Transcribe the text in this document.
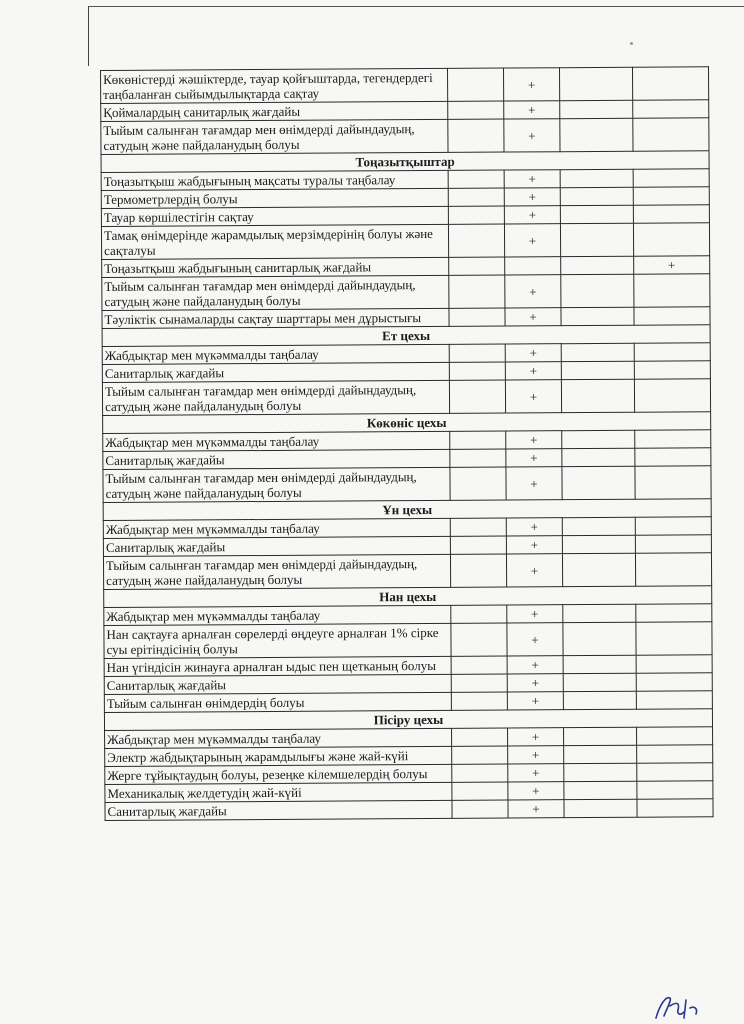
Көкөністерді жәшіктерде, тауар қойғыштарда, тегендердегі таңбаланған сыйымдылықтарда сақтау		+		
Қоймалардың санитарлық жағдайы		+		
Тыйым салынған тағамдар мен өнімдерді дайындаудың, сатудың және пайдаланудың болуы		+		
Тоңазытқыштар				
Тоңазытқыш жабдығының мақсаты туралы таңбалау		+		
Термометрлердің болуы		+		
Тауар көршілестігін сақтау		+		
Тамақ өнімдерінде жарамдылық мерзімдерінің болуы және сақталуы		+		
Тоңазытқыш жабдығының санитарлық жағдайы				+
Тыйым салынған тағамдар мен өнімдерді дайындаудың, сатудың және пайдаланудың болуы		+		
Тәуліктік сынамаларды сақтау шарттары мен дұрыстығы		+		
Ет цехы				
Жабдықтар мен мүкәммалды таңбалау		+		
Санитарлық жағдайы		+		
Тыйым салынған тағамдар мен өнімдерді дайындаудың, сатудың және пайдаланудың болуы		+		
Көкөніс цехы				
Жабдықтар мен мүкәммалды таңбалау		+		
Санитарлық жағдайы		+		
Тыйым салынған тағамдар мен өнімдерді дайындаудың, сатудың және пайдаланудың болуы		+		
Ұн цехы				
Жабдықтар мен мүкәммалды таңбалау		+		
Санитарлық жағдайы		+		
Тыйым салынған тағамдар мен өнімдерді дайындаудың, сатудың және пайдаланудың болуы		+		
Нан цехы				
Жабдықтар мен мүкәммалды таңбалау		+		
Нан сақтауға арналған сөрелерді өңдеуге арналған 1% сірке суы ерітіндісінің болуы		+		
Нан үгіндісін жинауға арналған ыдыс пен щетканың болуы		+		
Санитарлық жағдайы		+		
Тыйым салынған өнімдердің болуы		+		
Пісіру цехы				
Жабдықтар мен мүкәммалды таңбалау		+		
Электр жабдықтарының жарамдылығы және жай-күйі		+		
Жерге тұйықтаудың болуы, резеңке кілемшелердің болуы		+		
Механикалық желдетудің жай-күйі		+		
Санитарлық жағдайы		+		
